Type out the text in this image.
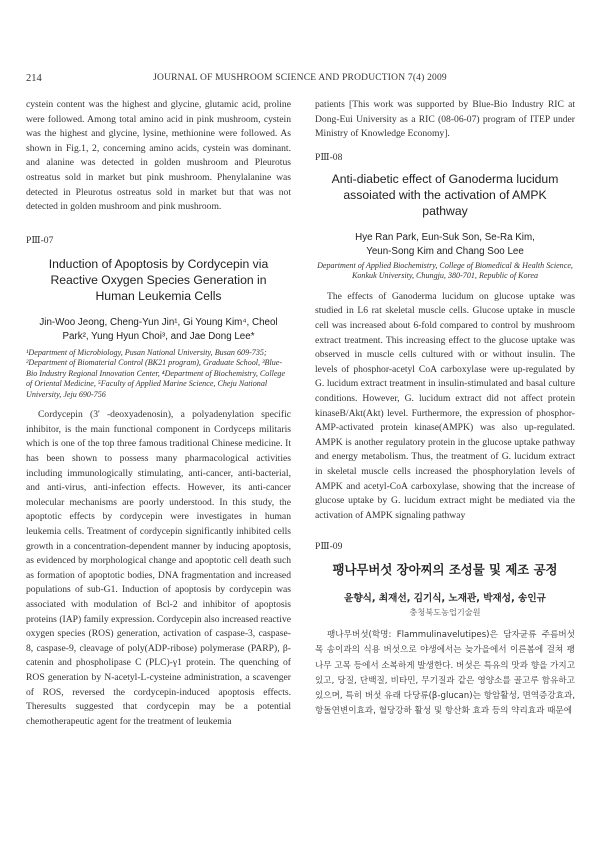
214	JOURNAL OF MUSHROOM SCIENCE AND PRODUCTION 7(4) 2009

cystein content was the highest and glycine, glutamic acid, proline were followed. Among total amino acid in pink mushroom, cystein was the highest and glycine, lysine, methionine were followed. As shown in Fig.1, 2, concerning amino acids, cystein was dominant. and alanine was detected in golden mushroom and Pleurotus ostreatus sold in market but pink mushroom. Phenylalanine was detected in Pleurotus ostreatus sold in market but that was not detected in golden mushroom and pink mushroom.

PⅢ-07

Induction of Apoptosis by Cordycepin via

Reactive Oxygen Species Generation in

Human Leukemia Cells

Jin-Woo Jeong, Cheng-Yun Jin¹, Gi Young Kim⁴, Cheol

Park², Yung Hyun Choi³, and Jae Dong Lee*

¹Department of Microbiology, Pusan National University, Busan 609-735; ²Department of Biomaterial Control (BK21 program), Graduate School, ³Blue-Bio Industry Regional Innovation Center, ⁴Department of Biochemistry, College of Oriental Medicine, ⁵Faculty of Applied Marine Science, Cheju National University, Jeju 690-756

Cordycepin (3' -deoxyadenosin), a polyadenylation specific inhibitor, is the main functional component in Cordyceps militaris which is one of the top three famous traditional Chinese medicine. It has been shown to possess many pharmacological activities including immunologically stimulating, anti-cancer, anti-bacterial, and anti-virus, anti-infection effects. However, its anti-cancer molecular mechanisms are poorly understood. In this study, the apoptotic effects by cordycepin were investigates in human leukemia cells. Treatment of cordycepin significantly inhibited cells growth in a concentration-dependent manner by inducing apoptosis, as evidenced by morphological change and apoptotic cell death such as formation of apoptotic bodies, DNA fragmentation and increased populations of sub-G1. Induction of apoptosis by cordycepin was associated with modulation of Bcl-2 and inhibitor of apoptosis proteins (IAP) family expression. Cordycepin also increased reactive oxygen species (ROS) generation, activation of caspase-3, caspase-8, caspase-9, cleavage of poly(ADP-ribose) polymerase (PARP), β-catenin and phospholipase C (PLC)-γ1 protein. The quenching of ROS generation by N-acetyl-L-cysteine administration, a scavenger of ROS, reversed the cordycepin-induced apoptosis effects. Theresults suggested that cordycepin may be a potential chemotherapeutic agent for the treatment of leukemia

patients [This work was supported by Blue-Bio Industry RIC at Dong-Eui University as a RIC (08-06-07) program of ITEP under Ministry of Knowledge Economy].

PⅢ-08

Anti-diabetic effect of Ganoderma lucidum

assoiated with the activation of AMPK

pathway

Hye Ran Park, Eun-Suk Son, Se-Ra Kim,

Yeun-Song Kim and Chang Soo Lee

Department of Applied Biochemistry, College of Biomedical & Health Science, Konkuk University, Chungju, 380-701, Republic of Korea

The effects of Ganoderma lucidum on glucose uptake was studied in L6 rat skeletal muscle cells. Glucose uptake in muscle cell was increased about 6-fold compared to control by mushroom extract treatment. This increasing effect to the glucose uptake was observed in muscle cells cultured with or without insulin. The levels of phosphor-acetyl CoA carboxylase were up-regulated by G. lucidum extract treatment in insulin-stimulated and basal culture conditions. However, G. lucidum extract did not affect protein kinaseB/Akt(Akt) level. Furthermore, the expression of phosphor-AMP-activated protein kinase(AMPK) was also up-regulated. AMPK is another regulatory protein in the glucose uptake pathway and energy metabolism. Thus, the treatment of G. lucidum extract in skeletal muscle cells increased the phosphorylation levels of AMPK and acetyl-CoA carboxylase, showing that the increase of glucose uptake by G. lucidum extract might be mediated via the activation of AMPK signaling pathway

PⅢ-09

팽나무버섯 장아찌의 조성물 및 제조 공정

윤향식, 최재선, 김기식, 노재관, 박재성, 송인규

충청북도농업기술원

팽나무버섯(학명: Flammulinavelutipes)은 담자균류 주름버섯목 송이과의 식용 버섯으로 야생에서는 늦가을에서 이른봄에 걸쳐 팽나무 고목 등에서 소복하게 발생한다. 버섯은 특유의 맛과 향을 가지고 있고, 당질, 단백질, 비타민, 무기질과 같은 영양소를 골고루 함유하고 있으며, 특히 버섯 유래 다당류(β-glucan)는 항암활성, 면역증강효과, 항돌연변이효과, 혈당강하 활성 및 항산화 효과 등의 약리효과 때문에
